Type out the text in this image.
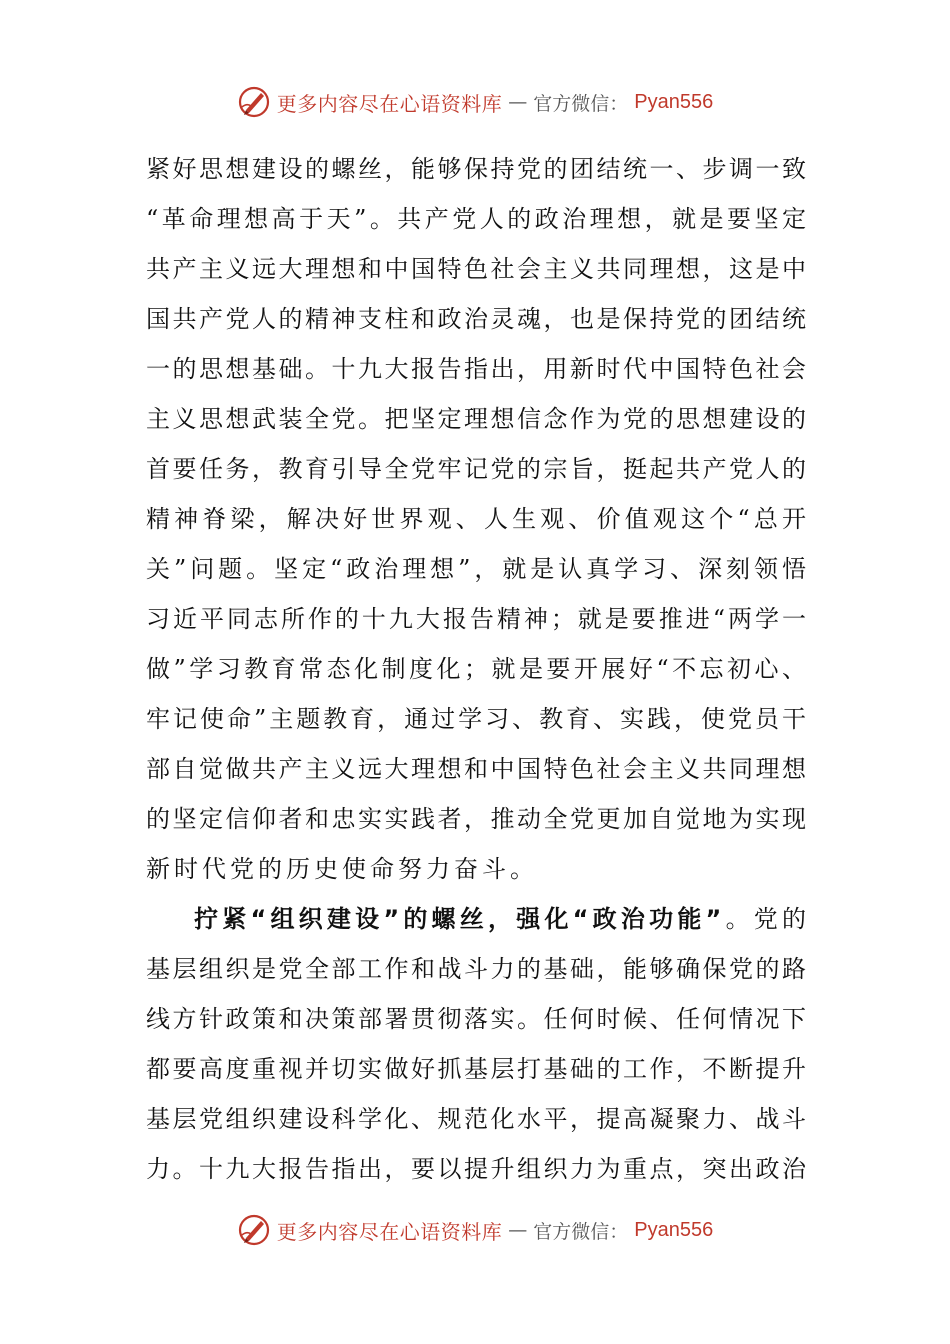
更多内容尽在心语资料库 — 官方微信： Pyan556
紧好思想建设的螺丝，能够保持党的团结统一、步调一致
“革命理想高于天”。共产党人的政治理想，就是要坚定
共产主义远大理想和中国特色社会主义共同理想，这是中
国共产党人的精神支柱和政治灵魂，也是保持党的团结统
一的思想基础。十九大报告指出，用新时代中国特色社会
主义思想武装全党。把坚定理想信念作为党的思想建设的
首要任务，教育引导全党牢记党的宗旨，挺起共产党人的
精神脊梁，解决好世界观、人生观、价值观这个“总开
关”问题。坚定“政治理想”，就是认真学习、深刻领悟
习近平同志所作的十九大报告精神；就是要推进“两学一
做”学习教育常态化制度化；就是要开展好“不忘初心、
牢记使命”主题教育，通过学习、教育、实践，使党员干
部自觉做共产主义远大理想和中国特色社会主义共同理想
的坚定信仰者和忠实实践者，推动全党更加自觉地为实现
新时代党的历史使命努力奋斗。
拧紧“组织建设”的螺丝，强化“政治功能”。党的
基层组织是党全部工作和战斗力的基础，能够确保党的路
线方针政策和决策部署贯彻落实。任何时候、任何情况下
都要高度重视并切实做好抓基层打基础的工作，不断提升
基层党组织建设科学化、规范化水平，提高凝聚力、战斗
力。十九大报告指出，要以提升组织力为重点，突出政治
更多内容尽在心语资料库 — 官方微信： Pyan556
